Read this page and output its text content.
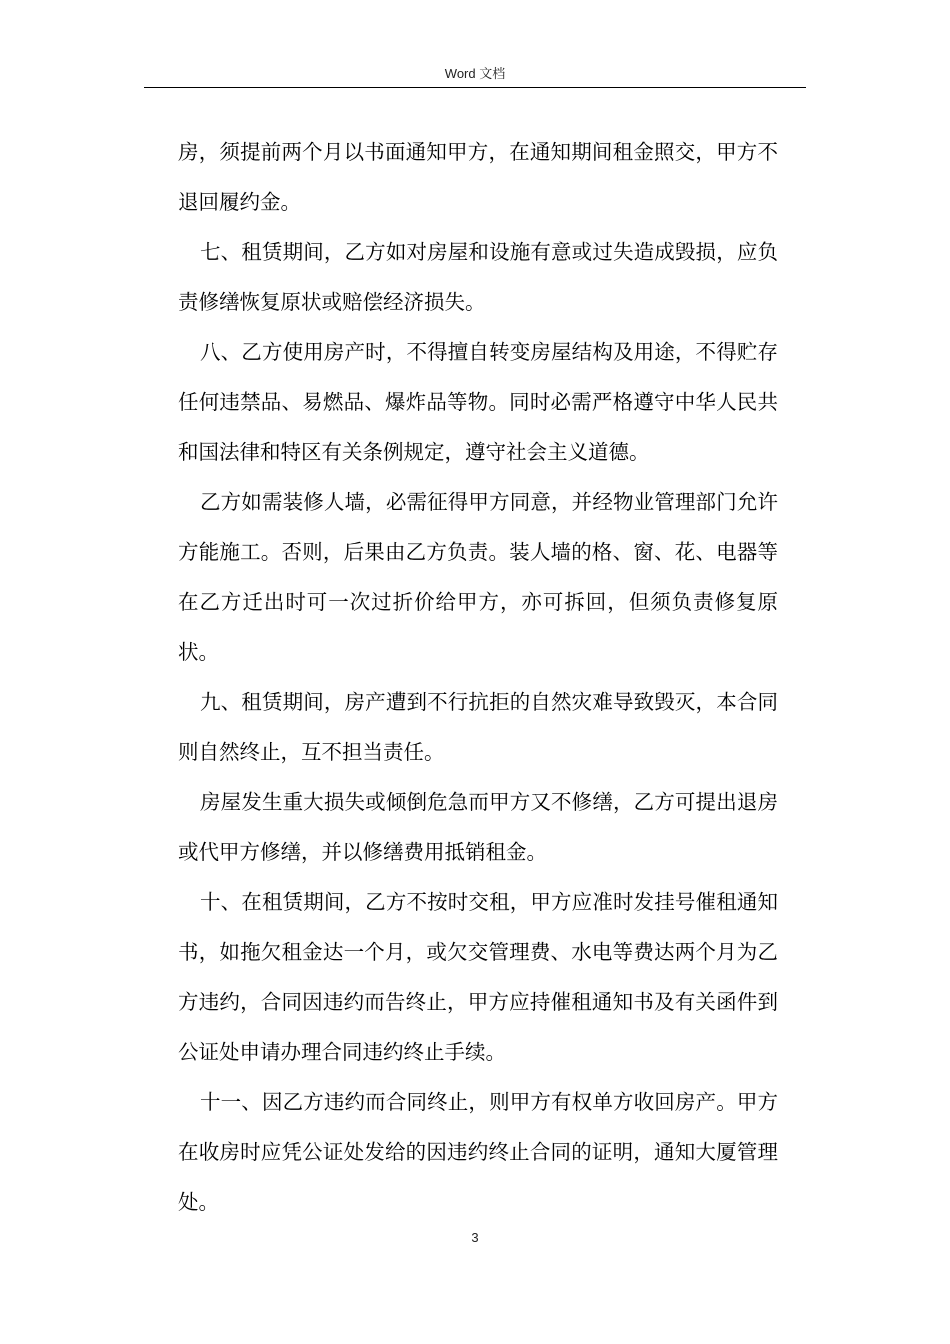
Word 文档

房，须提前两个月以书面通知甲方，在通知期间租金照交，甲方不退回履约金。

七、租赁期间，乙方如对房屋和设施有意或过失造成毁损，应负责修缮恢复原状或赔偿经济损失。

八、乙方使用房产时，不得擅自转变房屋结构及用途，不得贮存任何违禁品、易燃品、爆炸品等物。同时必需严格遵守中华人民共和国法律和特区有关条例规定，遵守社会主义道德。

乙方如需装修人墙，必需征得甲方同意，并经物业管理部门允许方能施工。否则，后果由乙方负责。装人墙的格、窗、花、电器等在乙方迁出时可一次过折价给甲方，亦可拆回，但须负责修复原状。

九、租赁期间，房产遭到不行抗拒的自然灾难导致毁灭，本合同则自然终止，互不担当责任。

房屋发生重大损失或倾倒危急而甲方又不修缮，乙方可提出退房或代甲方修缮，并以修缮费用抵销租金。

十、在租赁期间，乙方不按时交租，甲方应准时发挂号催租通知书，如拖欠租金达一个月，或欠交管理费、水电等费达两个月为乙方违约，合同因违约而告终止，甲方应持催租通知书及有关函件到公证处申请办理合同违约终止手续。

十一、因乙方违约而合同终止，则甲方有权单方收回房产。甲方在收房时应凭公证处发给的因违约终止合同的证明，通知大厦管理处。

3
